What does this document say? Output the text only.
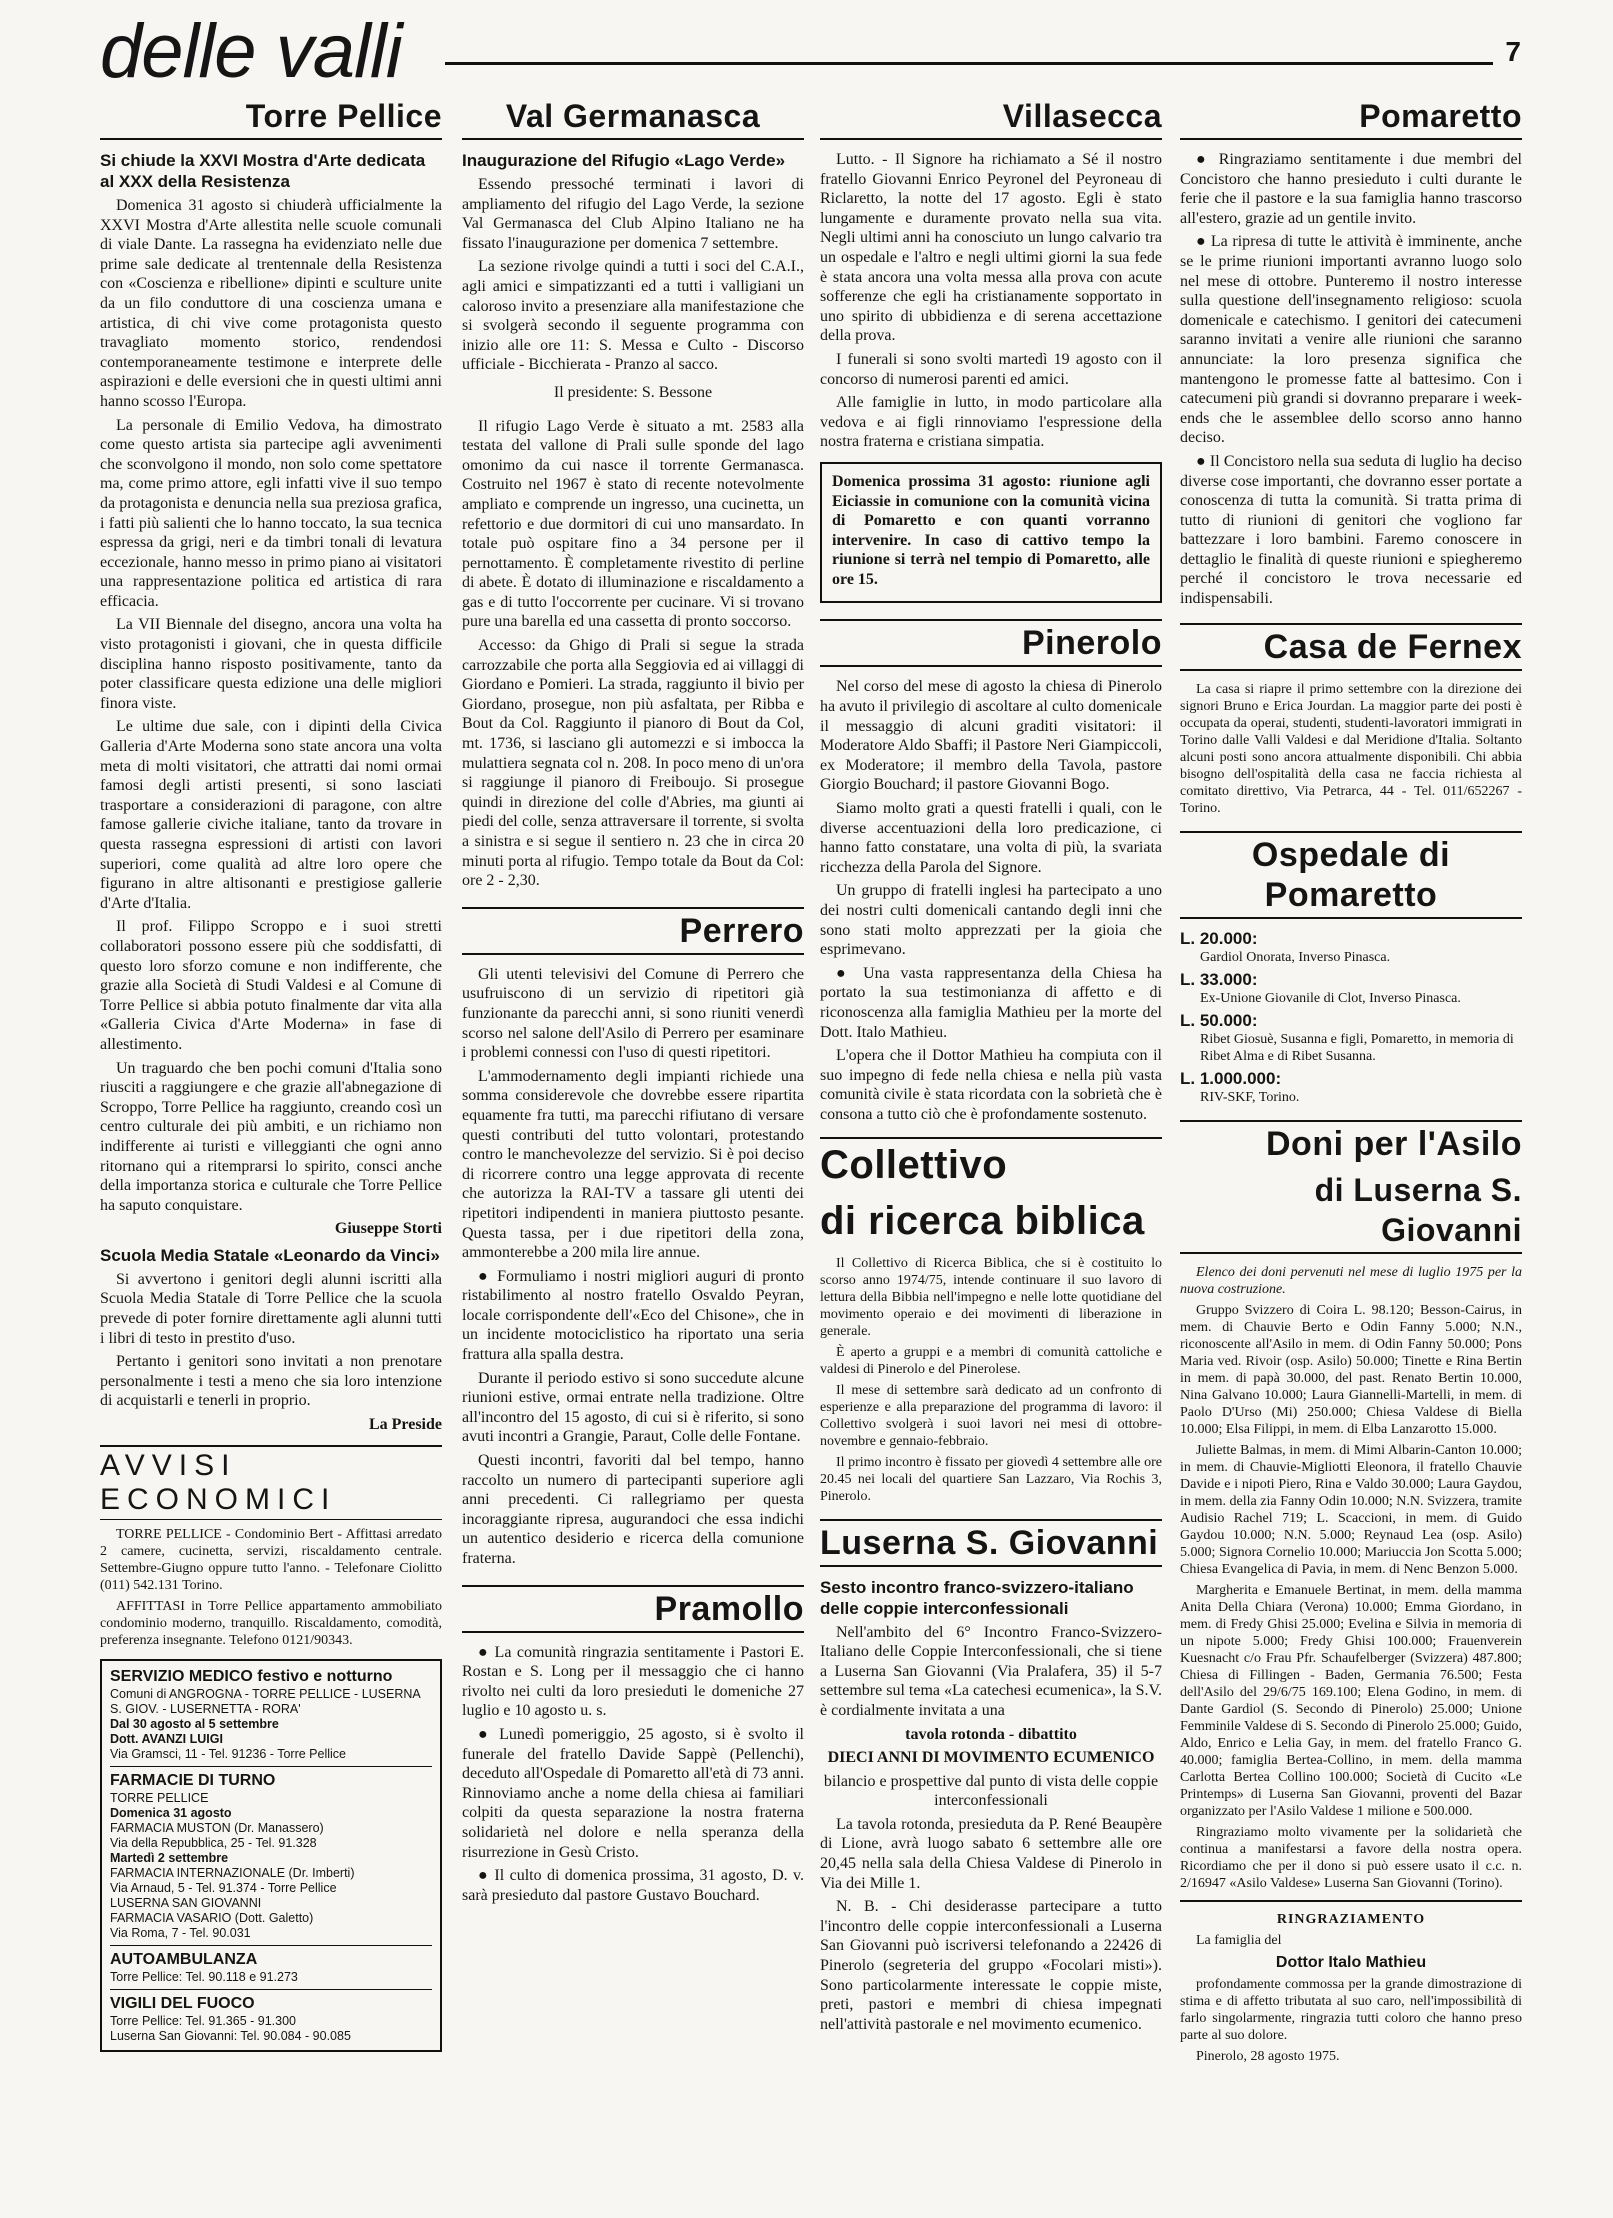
delle valli	7
Torre Pellice
Si chiude la XXVI Mostra d'Arte dedicata al XXX della Resistenza

Domenica 31 agosto si chiuderà ufficialmente la XXVI Mostra d'Arte allestita nelle scuole comunali di viale Dante. La rassegna ha evidenziato nelle due prime sale dedicate al trentennale della Resistenza con «Coscienza e ribellione» dipinti e sculture unite da un filo conduttore di una coscienza umana e artistica, di chi vive come protagonista questo travagliato momento storico, rendendosi contemporaneamente testimone e interprete delle aspirazioni e delle eversioni che in questi ultimi anni hanno scosso l'Europa.

La personale di Emilio Vedova, ha dimostrato come questo artista sia partecipe agli avvenimenti che sconvolgono il mondo, non solo come spettatore ma, come primo attore, egli infatti vive il suo tempo da protagonista e denuncia nella sua preziosa grafica, i fatti più salienti che lo hanno toccato, la sua tecnica espressa da grigi, neri e da timbri tonali di levatura eccezionale, hanno messo in primo piano ai visitatori una rappresentazione politica ed artistica di rara efficacia.

La VII Biennale del disegno, ancora una volta ha visto protagonisti i giovani, che in questa difficile disciplina hanno risposto positivamente, tanto da poter classificare questa edizione una delle migliori finora viste.

Le ultime due sale, con i dipinti della Civica Galleria d'Arte Moderna sono state ancora una volta meta di molti visitatori, che attratti dai nomi ormai famosi degli artisti presenti, si sono lasciati trasportare a considerazioni di paragone, con altre famose gallerie civiche italiane, tanto da trovare in questa rassegna espressioni di artisti con lavori superiori, come qualità ad altre loro opere che figurano in altre altisonanti e prestigiose gallerie d'Arte d'Italia.

Il prof. Filippo Scroppo e i suoi stretti collaboratori possono essere più che soddisfatti, di questo loro sforzo comune e non indifferente, che grazie alla Società di Studi Valdesi e al Comune di Torre Pellice si abbia potuto finalmente dar vita alla «Galleria Civica d'Arte Moderna» in fase di allestimento.

Un traguardo che ben pochi comuni d'Italia sono riusciti a raggiungere e che grazie all'abnegazione di Scroppo, Torre Pellice ha raggiunto, creando così un centro culturale dei più ambiti, e un richiamo non indifferente ai turisti e villeggianti che ogni anno ritornano qui a ritemprarsi lo spirito, consci anche della importanza storica e culturale che Torre Pellice ha saputo conquistare.

Giuseppe Storti

Scuola Media Statale «Leonardo da Vinci»

Si avvertono i genitori degli alunni iscritti alla Scuola Media Statale di Torre Pellice che la scuola prevede di poter fornire direttamente agli alunni tutti i libri di testo in prestito d'uso.

Pertanto i genitori sono invitati a non prenotare personalmente i testi a meno che sia loro intenzione di acquistarli e tenerli in proprio.

La Preside

AVVISI ECONOMICI

TORRE PELLICE - Condominio Bert - Affittasi arredato 2 camere, cucinetta, servizi, riscaldamento centrale. Settembre-Giugno oppure tutto l'anno. - Telefonare Ciolitto (011) 542.131 Torino.

AFFITTASI in Torre Pellice appartamento ammobiliato condominio moderno, tranquillo. Riscaldamento, comodità, preferenza insegnante. Telefono 0121/90343.

SERVIZIO MEDICO festivo e notturno
Comuni di ANGROGNA - TORRE PELLICE - LUSERNA S. GIOV. - LUSERNETTA - RORA'
Dal 30 agosto al 5 settembre
Dott. AVANZI LUIGI
Via Gramsci, 11 - Tel. 91236 - Torre Pellice
FARMACIE DI TURNO
TORRE PELLICE
Domenica 31 agosto
FARMACIA MUSTON (Dr. Manassero)
Via della Repubblica, 25 - Tel. 91.328
Martedì 2 settembre
FARMACIA INTERNAZIONALE (Dr. Imberti)
Via Arnaud, 5 - Tel. 91.374 - Torre Pellice
LUSERNA SAN GIOVANNI
FARMACIA VASARIO (Dott. Galetto)
Via Roma, 7 - Tel. 90.031
AUTOAMBULANZA
Torre Pellice: Tel. 90.118 e 91.273
VIGILI DEL FUOCO
Torre Pellice: Tel. 91.365 - 91.300
Luserna San Giovanni: Tel. 90.084 - 90.085
Val Germanasca
Inaugurazione del Rifugio «Lago Verde»

Essendo pressoché terminati i lavori di ampliamento del rifugio del Lago Verde, la sezione Val Germanasca del Club Alpino Italiano ne ha fissato l'inaugurazione per domenica 7 settembre.

La sezione rivolge quindi a tutti i soci del C.A.I., agli amici e simpatizzanti ed a tutti i valligiani un caloroso invito a presenziare alla manifestazione che si svolgerà secondo il seguente programma con inizio alle ore 11: S. Messa e Culto - Discorso ufficiale - Bicchierata - Pranzo al sacco.

Il presidente: S. Bessone

Il rifugio Lago Verde è situato a mt. 2583 alla testata del vallone di Prali sulle sponde del lago omonimo da cui nasce il torrente Germanasca. Costruito nel 1967 è stato di recente notevolmente ampliato e comprende un ingresso, una cucinetta, un refettorio e due dormitori di cui uno mansardato. In totale può ospitare fino a 34 persone per il pernottamento. È completamente rivestito di perline di abete. È dotato di illuminazione e riscaldamento a gas e di tutto l'occorrente per cucinare. Vi si trovano pure una barella ed una cassetta di pronto soccorso.

Accesso: da Ghigo di Prali si segue la strada carrozzabile che porta alla Seggiovia ed ai villaggi di Giordano e Pomieri. La strada, raggiunto il bivio per Giordano, prosegue, non più asfaltata, per Ribba e Bout da Col. Raggiunto il pianoro di Bout da Col, mt. 1736, si lasciano gli automezzi e si imbocca la mulattiera segnata col n. 208. In poco meno di un'ora si raggiunge il pianoro di Freiboujo. Si prosegue quindi in direzione del colle d'Abries, ma giunti ai piedi del colle, senza attraversare il torrente, si svolta a sinistra e si segue il sentiero n. 23 che in circa 20 minuti porta al rifugio. Tempo totale da Bout da Col: ore 2 - 2,30.

Perrero

Gli utenti televisivi del Comune di Perrero che usufruiscono di un servizio di ripetitori già funzionante da parecchi anni, si sono riuniti venerdì scorso nel salone dell'Asilo di Perrero per esaminare i problemi connessi con l'uso di questi ripetitori.

L'ammodernamento degli impianti richiede una somma considerevole che dovrebbe essere ripartita equamente fra tutti, ma parecchi rifiutano di versare questi contributi del tutto volontari, protestando contro le manchevolezze del servizio. Si è poi deciso di ricorrere contro una legge approvata di recente che autorizza la RAI-TV a tassare gli utenti dei ripetitori indipendenti in maniera piuttosto pesante. Questa tassa, per i due ripetitori della zona, ammonterebbe a 200 mila lire annue.

● Formuliamo i nostri migliori auguri di pronto ristabilimento al nostro fratello Osvaldo Peyran, locale corrispondente dell'«Eco del Chisone», che in un incidente motociclistico ha riportato una seria frattura alla spalla destra.

Durante il periodo estivo si sono succedute alcune riunioni estive, ormai entrate nella tradizione. Oltre all'incontro del 15 agosto, di cui si è riferito, si sono avuti incontri a Grangie, Paraut, Colle delle Fontane.

Questi incontri, favoriti dal bel tempo, hanno raccolto un numero di partecipanti superiore agli anni precedenti. Ci rallegriamo per questa incoraggiante ripresa, augurandoci che essa indichi un autentico desiderio e ricerca della comunione fraterna.

Pramollo

● La comunità ringrazia sentitamente i Pastori E. Rostan e S. Long per il messaggio che ci hanno rivolto nei culti da loro presieduti le domeniche 27 luglio e 10 agosto u. s.

● Lunedì pomeriggio, 25 agosto, si è svolto il funerale del fratello Davide Sappè (Pellenchi), deceduto all'Ospedale di Pomaretto all'età di 73 anni. Rinnoviamo anche a nome della chiesa ai familiari colpiti da questa separazione la nostra fraterna solidarietà nel dolore e nella speranza della risurrezione in Gesù Cristo.

● Il culto di domenica prossima, 31 agosto, D. v. sarà presieduto dal pastore Gustavo Bouchard.

Villasecca

Lutto. - Il Signore ha richiamato a Sé il nostro fratello Giovanni Enrico Peyronel del Peyroneau di Riclaretto, la notte del 17 agosto. Egli è stato lungamente e duramente provato nella sua vita. Negli ultimi anni ha conosciuto un lungo calvario tra un ospedale e l'altro e negli ultimi giorni la sua fede è stata ancora una volta messa alla prova con acute sofferenze che egli ha cristianamente sopportato in uno spirito di ubbidienza e di serena accettazione della prova.

I funerali si sono svolti martedì 19 agosto con il concorso di numerosi parenti ed amici.

Alle famiglie in lutto, in modo particolare alla vedova e ai figli rinnoviamo l'espressione della nostra fraterna e cristiana simpatia.

Domenica prossima 31 agosto: riunione agli Eiciassie in comunione con la comunità vicina di Pomaretto e con quanti vorranno intervenire. In caso di cattivo tempo la riunione si terrà nel tempio di Pomaretto, alle ore 15.

Pinerolo

Nel corso del mese di agosto la chiesa di Pinerolo ha avuto il privilegio di ascoltare al culto domenicale il messaggio di alcuni graditi visitatori: il Moderatore Aldo Sbaffi; il Pastore Neri Giampiccoli, ex Moderatore; il membro della Tavola, pastore Giorgio Bouchard; il pastore Giovanni Bogo.

Siamo molto grati a questi fratelli i quali, con le diverse accentuazioni della loro predicazione, ci hanno fatto constatare, una volta di più, la svariata ricchezza della Parola del Signore.

Un gruppo di fratelli inglesi ha partecipato a uno dei nostri culti domenicali cantando degli inni che sono stati molto apprezzati per la gioia che esprimevano.

● Una vasta rappresentanza della Chiesa ha portato la sua testimonianza di affetto e di riconoscenza alla famiglia Mathieu per la morte del Dott. Italo Mathieu.

L'opera che il Dottor Mathieu ha compiuta con il suo impegno di fede nella chiesa e nella più vasta comunità civile è stata ricordata con la sobrietà che è consona a tutto ciò che è profondamente sostenuto.

Collettivo
di ricerca biblica

Il Collettivo di Ricerca Biblica, che si è costituito lo scorso anno 1974/75, intende continuare il suo lavoro di lettura della Bibbia nell'impegno e nelle lotte quotidiane del movimento operaio e dei movimenti di liberazione in generale.

È aperto a gruppi e a membri di comunità cattoliche e valdesi di Pinerolo e del Pinerolese.

Il mese di settembre sarà dedicato ad un confronto di esperienze e alla preparazione del programma di lavoro: il Collettivo svolgerà i suoi lavori nei mesi di ottobre-novembre e gennaio-febbraio.

Il primo incontro è fissato per giovedì 4 settembre alle ore 20.45 nei locali del quartiere San Lazzaro, Via Rochis 3, Pinerolo.

Luserna S. Giovanni
Sesto incontro franco-svizzero-italiano delle coppie interconfessionali

Nell'ambito del 6° Incontro Franco-Svizzero-Italiano delle Coppie Interconfessionali, che si tiene a Luserna San Giovanni (Via Pralafera, 35) il 5-7 settembre sul tema «La catechesi ecumenica», la S.V. è cordialmente invitata a una

tavola rotonda - dibattito

DIECI ANNI DI MOVIMENTO ECUMENICO

bilancio e prospettive dal punto di vista delle coppie interconfessionali

La tavola rotonda, presieduta da P. René Beaupère di Lione, avrà luogo sabato 6 settembre alle ore 20,45 nella sala della Chiesa Valdese di Pinerolo in Via dei Mille 1.

N. B. - Chi desiderasse partecipare a tutto l'incontro delle coppie interconfessionali a Luserna San Giovanni può iscriversi telefonando a 22426 di Pinerolo (segreteria del gruppo «Focolari misti»). Sono particolarmente interessate le coppie miste, preti, pastori e membri di chiesa impegnati nell'attività pastorale e nel movimento ecumenico.

Pomaretto

● Ringraziamo sentitamente i due membri del Concistoro che hanno presieduto i culti durante le ferie che il pastore e la sua famiglia hanno trascorso all'estero, grazie ad un gentile invito.

● La ripresa di tutte le attività è imminente, anche se le prime riunioni importanti avranno luogo solo nel mese di ottobre. Punteremo il nostro interesse sulla questione dell'insegnamento religioso: scuola domenicale e catechismo. I genitori dei catecumeni saranno invitati a venire alle riunioni che saranno annunciate: la loro presenza significa che mantengono le promesse fatte al battesimo. Con i catecumeni più grandi si dovranno preparare i week-ends che le assemblee dello scorso anno hanno deciso.

● Il Concistoro nella sua seduta di luglio ha deciso diverse cose importanti, che dovranno esser portate a conoscenza di tutta la comunità. Si tratta prima di tutto di riunioni di genitori che vogliono far battezzare i loro bambini. Faremo conoscere in dettaglio le finalità di queste riunioni e spiegheremo perché il concistoro le trova necessarie ed indispensabili.

Casa de Fernex

La casa si riapre il primo settembre con la direzione dei signori Bruno e Erica Jourdan. La maggior parte dei posti è occupata da operai, studenti, studenti-lavoratori immigrati in Torino dalle Valli Valdesi e dal Meridione d'Italia. Soltanto alcuni posti sono ancora attualmente disponibili. Chi abbia bisogno dell'ospitalità della casa ne faccia richiesta al comitato direttivo, Via Petrarca, 44 - Tel. 011/652267 - Torino.

Ospedale di Pomaretto
L. 20.000:
Gardiol Onorata, Inverso Pinasca.
L. 33.000:
Ex-Unione Giovanile di Clot, Inverso Pinasca.
L. 50.000:
Ribet Giosuè, Susanna e figli, Pomaretto, in memoria di Ribet Alma e di Ribet Susanna.
L. 1.000.000:
RIV-SKF, Torino.
Doni per l'Asilo
di Luserna S. Giovanni

Elenco dei doni pervenuti nel mese di luglio 1975 per la nuova costruzione.

Gruppo Svizzero di Coira L. 98.120; Besson-Cairus, in mem. di Chauvie Berto e Odin Fanny 5.000; N.N., riconoscente all'Asilo in mem. di Odin Fanny 50.000; Pons Maria ved. Rivoir (osp. Asilo) 50.000; Tinette e Rina Bertin in mem. di papà 30.000, del past. Renato Bertin 10.000, Nina Galvano 10.000; Laura Giannelli-Martelli, in mem. di Paolo D'Urso (Mi) 250.000; Chiesa Valdese di Biella 10.000; Elsa Filippi, in mem. di Elba Lanzarotto 15.000.

Juliette Balmas, in mem. di Mimi Albarin-Canton 10.000; in mem. di Chauvie-Migliotti Eleonora, il fratello Chauvie Davide e i nipoti Piero, Rina e Valdo 30.000; Laura Gaydou, in mem. della zia Fanny Odin 10.000; N.N. Svizzera, tramite Audisio Rachel 719; L. Scaccioni, in mem. di Guido Gaydou 10.000; N.N. 5.000; Reynaud Lea (osp. Asilo) 5.000; Signora Cornelio 10.000; Mariuccia Jon Scotta 5.000; Chiesa Evangelica di Pavia, in mem. di Nenc Benzon 5.000.

Margherita e Emanuele Bertinat, in mem. della mamma Anita Della Chiara (Verona) 10.000; Emma Giordano, in mem. di Fredy Ghisi 25.000; Evelina e Silvia in memoria di un nipote 5.000; Fredy Ghisi 100.000; Frauenverein Kuesnacht c/o Frau Pfr. Schaufelberger (Svizzera) 487.800; Chiesa di Fillingen - Baden, Germania 76.500; Festa dell'Asilo del 29/6/75 169.100; Elena Godino, in mem. di Dante Gardiol (S. Secondo di Pinerolo) 25.000; Unione Femminile Valdese di S. Secondo di Pinerolo 25.000; Guido, Aldo, Enrico e Lelia Gay, in mem. del fratello Franco G. 40.000; famiglia Bertea-Collino, in mem. della mamma Carlotta Bertea Collino 100.000; Società di Cucito «Le Printemps» di Luserna San Giovanni, proventi del Bazar organizzato per l'Asilo Valdese 1 milione e 500.000.

Ringraziamo molto vivamente per la solidarietà che continua a manifestarsi a favore della nostra opera. Ricordiamo che per il dono si può essere usato il c.c. n. 2/16947 «Asilo Valdese» Luserna San Giovanni (Torino).

RINGRAZIAMENTO

La famiglia del

Dottor Italo Mathieu

profondamente commossa per la grande dimostrazione di stima e di affetto tributata al suo caro, nell'impossibilità di farlo singolarmente, ringrazia tutti coloro che hanno preso parte al suo dolore.

Pinerolo, 28 agosto 1975.
